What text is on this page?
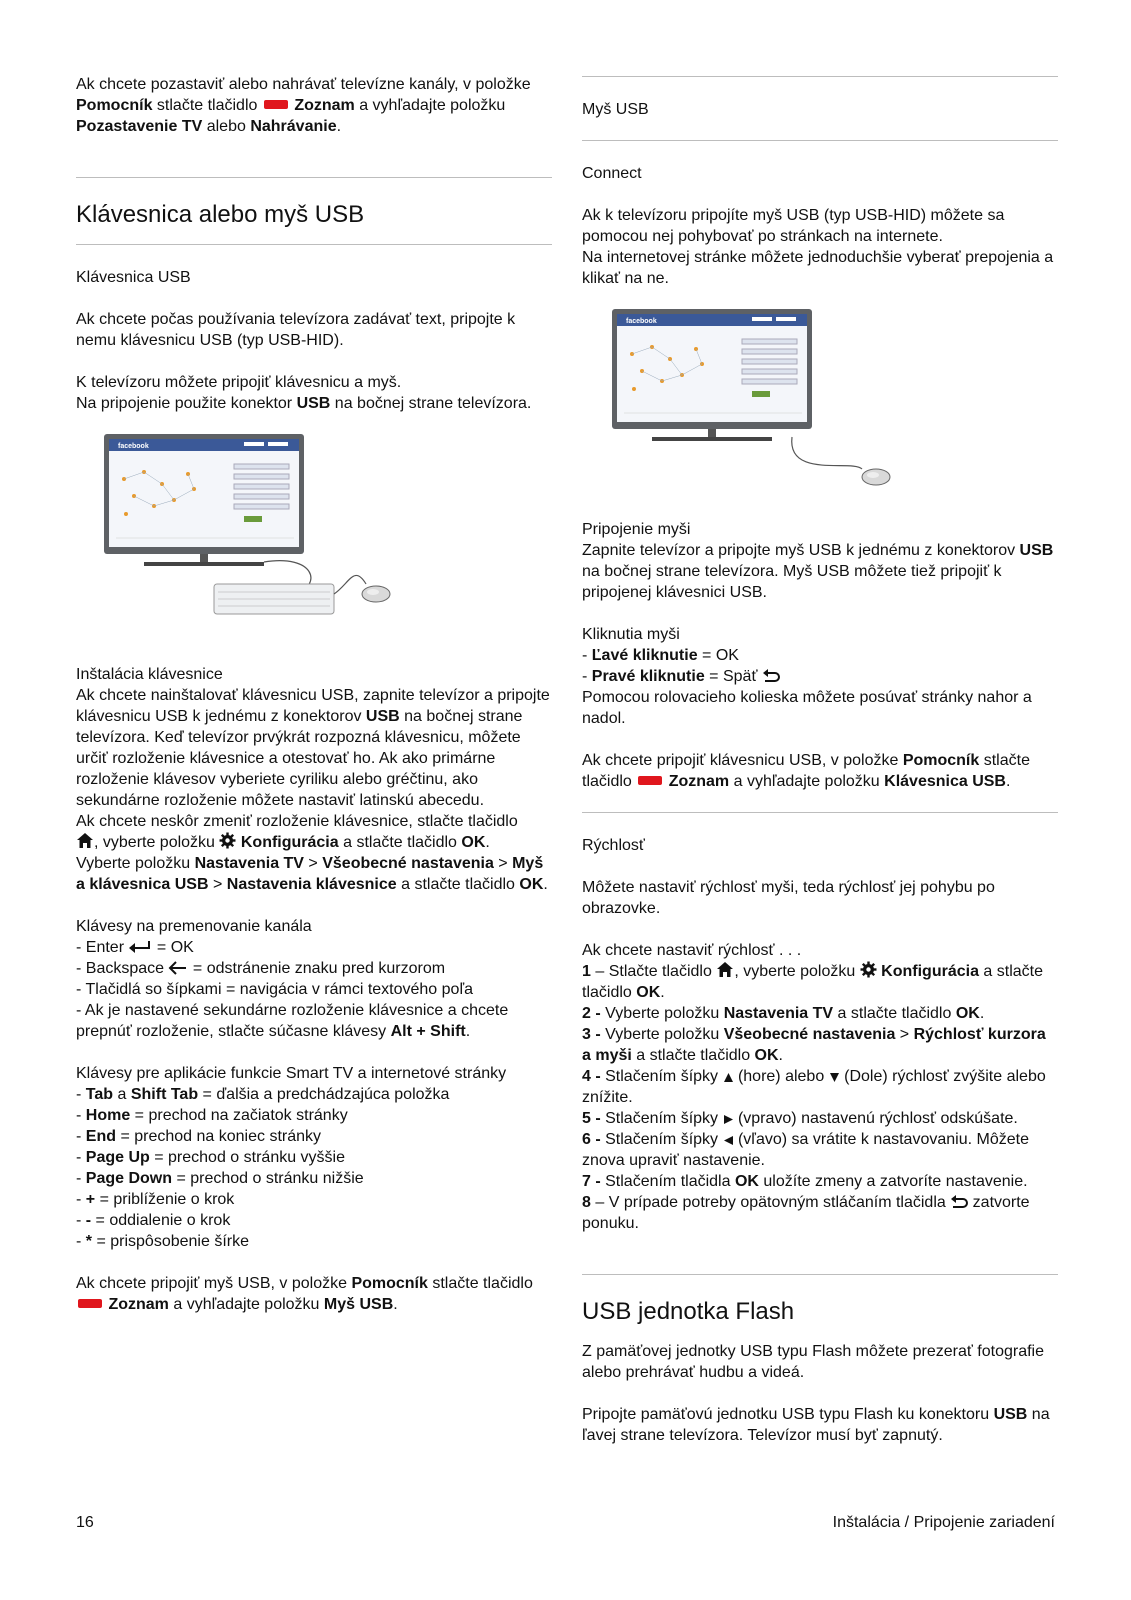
Ak chcete pozastaviť alebo nahrávať televízne kanály, v položke Pomocník stlačte tlačidlo  Zoznam a vyhľadajte položku Pozastavenie TV alebo Nahrávanie.

Klávesnica alebo myš USB
Klávesnica USB

Ak chcete počas používania televízora zadávať text, pripojte k nemu klávesnicu USB (typ USB-HID).

K televízoru môžete pripojiť klávesnicu a myš.

Na pripojenie použite konektor USB na bočnej strane televízora.

facebook
Inštalácia klávesnice

Ak chcete nainštalovať klávesnicu USB, zapnite televízor a pripojte klávesnicu USB k jednému z konektorov USB na bočnej strane televízora. Keď televízor prvýkrát rozpozná klávesnicu, môžete určiť rozloženie klávesnice a otestovať ho. Ak ako primárne rozloženie klávesov vyberiete cyriliku alebo gréčtinu, ako sekundárne rozloženie môžete nastaviť latinskú abecedu.

Ak chcete neskôr zmeniť rozloženie klávesnice, stlačte tlačidlo
, vyberte položku  Konfigurácia a stlačte tlačidlo OK.

Vyberte položku Nastavenia TV > Všeobecné nastavenia > Myš a klávesnica USB > Nastavenia klávesnice a stlačte tlačidlo OK.

Klávesy na premenovanie kanála

- Enter  = OK

- Backspace  = odstránenie znaku pred kurzorom

- Tlačidlá so šípkami = navigácia v rámci textového poľa

- Ak je nastavené sekundárne rozloženie klávesnice a chcete prepnúť rozloženie, stlačte súčasne klávesy Alt + Shift.

Klávesy pre aplikácie funkcie Smart TV a internetové stránky

- Tab a Shift Tab = ďalšia a predchádzajúca položka

- Home = prechod na začiatok stránky

- End = prechod na koniec stránky

- Page Up = prechod o stránku vyššie

- Page Down = prechod o stránku nižšie

- + = priblíženie o krok

- - = oddialenie o krok

- * = prispôsobenie šírke

Ak chcete pripojiť myš USB, v položke Pomocník stlačte tlačidlo  Zoznam a vyhľadajte položku Myš USB.

Myš USB
Connect

Ak k televízoru pripojíte myš USB (typ USB-HID) môžete sa pomocou nej pohybovať po stránkach na internete.

Na internetovej stránke môžete jednoduchšie vyberať prepojenia a klikať na ne.

facebook
Pripojenie myši

Zapnite televízor a pripojte myš USB k jednému z konektorov USB na bočnej strane televízora. Myš USB môžete tiež pripojiť k pripojenej klávesnici USB.

Kliknutia myši

- Ľavé kliknutie = OK

- Pravé kliknutie = Späť

Pomocou rolovacieho kolieska môžete posúvať stránky nahor a nadol.

Ak chcete pripojiť klávesnicu USB, v položke Pomocník stlačte tlačidlo  Zoznam a vyhľadajte položku Klávesnica USB.

Rýchlosť

Môžete nastaviť rýchlosť myši, teda rýchlosť jej pohybu po obrazovke.

Ak chcete nastaviť rýchlosť . . .

1 – Stlačte tlačidlo , vyberte položku  Konfigurácia a stlačte tlačidlo OK.

2 - Vyberte položku Nastavenia TV a stlačte tlačidlo OK.

3 - Vyberte položku Všeobecné nastavenia > Rýchlosť kurzora a myši a stlačte tlačidlo OK.

4 - Stlačením šípky  (hore) alebo  (Dole) rýchlosť zvýšite alebo znížite.

5 - Stlačením šípky  (vpravo) nastavenú rýchlosť odskúšate.

6 - Stlačením šípky  (vľavo) sa vrátite k nastavovaniu. Môžete znova upraviť nastavenie.

7 - Stlačením tlačidla OK uložíte zmeny a zatvoríte nastavenie.

8 – V prípade potreby opätovným stláčaním tlačidla  zatvorte ponuku.

USB jednotka Flash

Z pamäťovej jednotky USB typu Flash môžete prezerať fotografie alebo prehrávať hudbu a videá.

Pripojte pamäťovú jednotku USB typu Flash ku konektoru USB na ľavej strane televízora. Televízor musí byť zapnutý.

16	Inštalácia / Pripojenie zariadení
